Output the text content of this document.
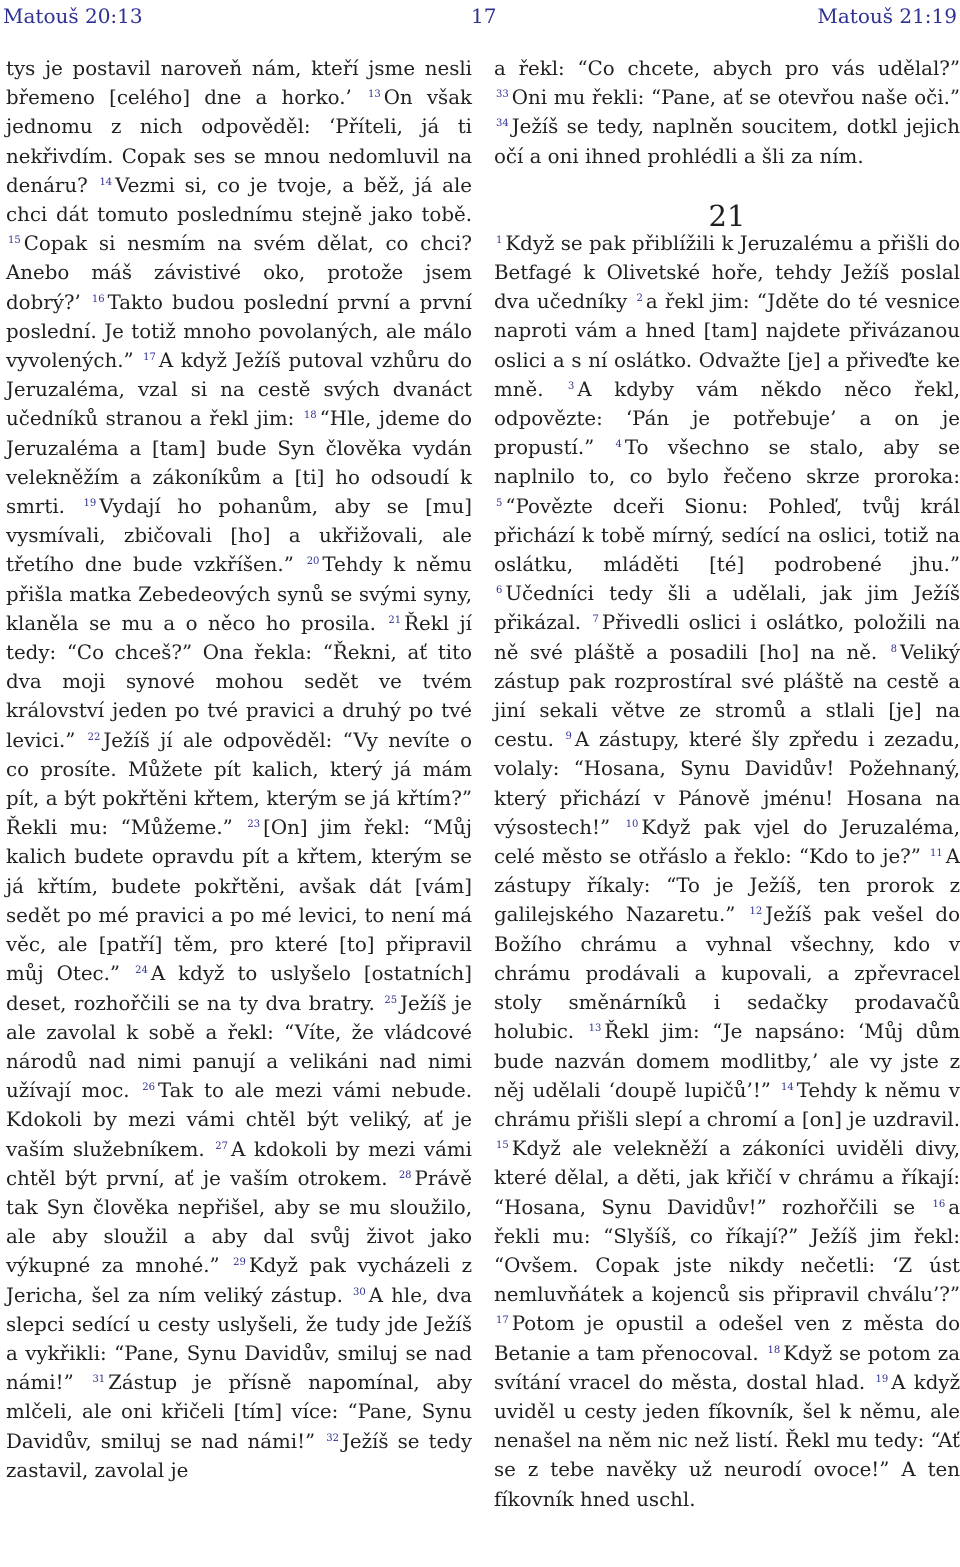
Matouš 20:13	17	Matouš 21:19

tys je postavil naroveň nám, kteří jsme nesli břemeno [celého] dne a horko.’ $^{13}$ On však jednomu z nich odpověděl: ‘Příteli, já ti nekřivdím. Copak ses se mnou nedomluvil na denáru? $^{14}$ Vezmi si, co je tvoje, a běž, já ale chci dát tomuto poslednímu stejně jako tobě. $^{15}$ Copak si nesmím na svém dělat, co chci? Anebo máš závistivé oko, protože jsem dobrý?’ $^{16}$ Takto budou poslední první a první poslední. Je totiž mnoho povolaných, ale málo vyvolených.” $^{17}$ A když Ježíš putoval vzhůru do Jeruzaléma, vzal si na cestě svých dvanáct učedníků stranou a řekl jim: $^{18}$ “Hle, jdeme do Jeruzaléma a [tam] bude Syn člověka vydán velekněžím a zákoníkům a [ti] ho odsoudí k smrti. $^{19}$ Vydají ho pohanům, aby se [mu] vysmívali, zbičovali [ho] a ukřižovali, ale třetího dne bude vzkříšen.” $^{20}$ Tehdy k němu přišla matka Zebedeových synů se svými syny, klaněla se mu a o něco ho prosila. $^{21}$ Řekl jí tedy: “Co chceš?” Ona řekla: “Řekni, ať tito dva moji synové mohou sedět ve tvém království jeden po tvé pravici a druhý po tvé levici.” $^{22}$ Ježíš jí ale odpověděl: “Vy nevíte o co prosíte. Můžete pít kalich, který já mám pít, a být pokřtěni křtem, kterým se já křtím?” Řekli mu: “Můžeme.” $^{23}$ [On] jim řekl: “Můj kalich budete opravdu pít a křtem, kterým se já křtím, budete pokřtěni, avšak dát [vám] sedět po mé pravici a po mé levici, to není má věc, ale [patří] těm, pro které [to] připravil můj Otec.” $^{24}$ A když to uslyšelo [ostatních] deset, rozhořčili se na ty dva bratry. $^{25}$ Ježíš je ale zavolal k sobě a řekl: “Víte, že vládcové národů nad nimi panují a velikáni nad nimi užívají moc. $^{26}$ Tak to ale mezi vámi nebude. Kdokoli by mezi vámi chtěl být veliký, ať je vaším služebníkem. $^{27}$ A kdokoli by mezi vámi chtěl být první, ať je vaším otrokem. $^{28}$ Právě tak Syn člověka nepřišel, aby se mu sloužilo, ale aby sloužil a aby dal svůj život jako výkupné za mnohé.” $^{29}$ Když pak vycházeli z Jericha, šel za ním veliký zástup. $^{30}$ A hle, dva slepci sedící u cesty uslyšeli, že tudy jde Ježíš a vykřikli: “Pane, Synu Davidův, smiluj se nad námi!” $^{31}$ Zástup je přísně napomínal, aby mlčeli, ale oni křičeli [tím] více: “Pane, Synu Davidův, smiluj se nad námi!” $^{32}$ Ježíš se tedy zastavil, zavolal je

a řekl: “Co chcete, abych pro vás udělal?” $^{33}$ Oni mu řekli: “Pane, ať se otevřou naše oči.” $^{34}$ Ježíš se tedy, naplněn soucitem, dotkl jejich očí a oni ihned prohlédli a šli za ním.

21

$^1$ Když se pak přiblížili k Jeruzalému a přišli do Betfagé k Olivetské hoře, tehdy Ježíš poslal dva učedníky $^2$ a řekl jim: “Jděte do té vesnice naproti vám a hned [tam] najdete přivázanou oslici a s ní oslátko. Odvažte [je] a přiveďte ke mně. $^3$ A kdyby vám někdo něco řekl, odpovězte: ‘Pán je potřebuje’ a on je propustí.” $^4$ To všechno se stalo, aby se naplnilo to, co bylo řečeno skrze proroka: $^5$ “Povězte dceři Sionu: Pohleď, tvůj král přichází k tobě mírný, sedící na oslici, totiž na oslátku, mláděti [té] podrobené jhu.” $^6$ Učedníci tedy šli a udělali, jak jim Ježíš přikázal. $^7$ Přivedli oslici i oslátko, položili na ně své pláště a posadili [ho] na ně. $^8$ Veliký zástup pak rozprostíral své pláště na cestě a jiní sekali větve ze stromů a stlali [je] na cestu. $^9$ A zástupy, které šly zpředu i zezadu, volaly: “Hosana, Synu Davidův! Požehnaný, který přichází v Pánově jménu! Hosana na výsostech!” $^{10}$ Když pak vjel do Jeruzaléma, celé město se otřáslo a řeklo: “Kdo to je?” $^{11}$ A zástupy říkaly: “To je Ježíš, ten prorok z galilejského Nazaretu.” $^{12}$ Ježíš pak vešel do Božího chrámu a vyhnal všechny, kdo v chrámu prodávali a kupovali, a zpřevracel stoly směnárníků i sedačky prodavačů holubic. $^{13}$ Řekl jim: “Je napsáno: ‘Můj dům bude nazván domem modlitby,’ ale vy jste z něj udělali ‘doupě lupičů’!” $^{14}$ Tehdy k němu v chrámu přišli slepí a chromí a [on] je uzdravil. $^{15}$ Když ale velekněží a zákoníci uviděli divy, které dělal, a děti, jak křičí v chrámu a říkají: “Hosana, Synu Davidův!” rozhořčili se $^{16}$ a řekli mu: “Slyšíš, co říkají?” Ježíš jim řekl: “Ovšem. Copak jste nikdy nečetli: ‘Z úst nemluvňátek a kojenců sis připravil chválu’?” $^{17}$ Potom je opustil a odešel ven z města do Betanie a tam přenocoval. $^{18}$ Když se potom za svítání vracel do města, dostal hlad. $^{19}$ A když uviděl u cesty jeden fíkovník, šel k němu, ale nenašel na něm nic než listí. Řekl mu tedy: “Ať se z tebe navěky už neurodí ovoce!” A ten fíkovník hned uschl.
